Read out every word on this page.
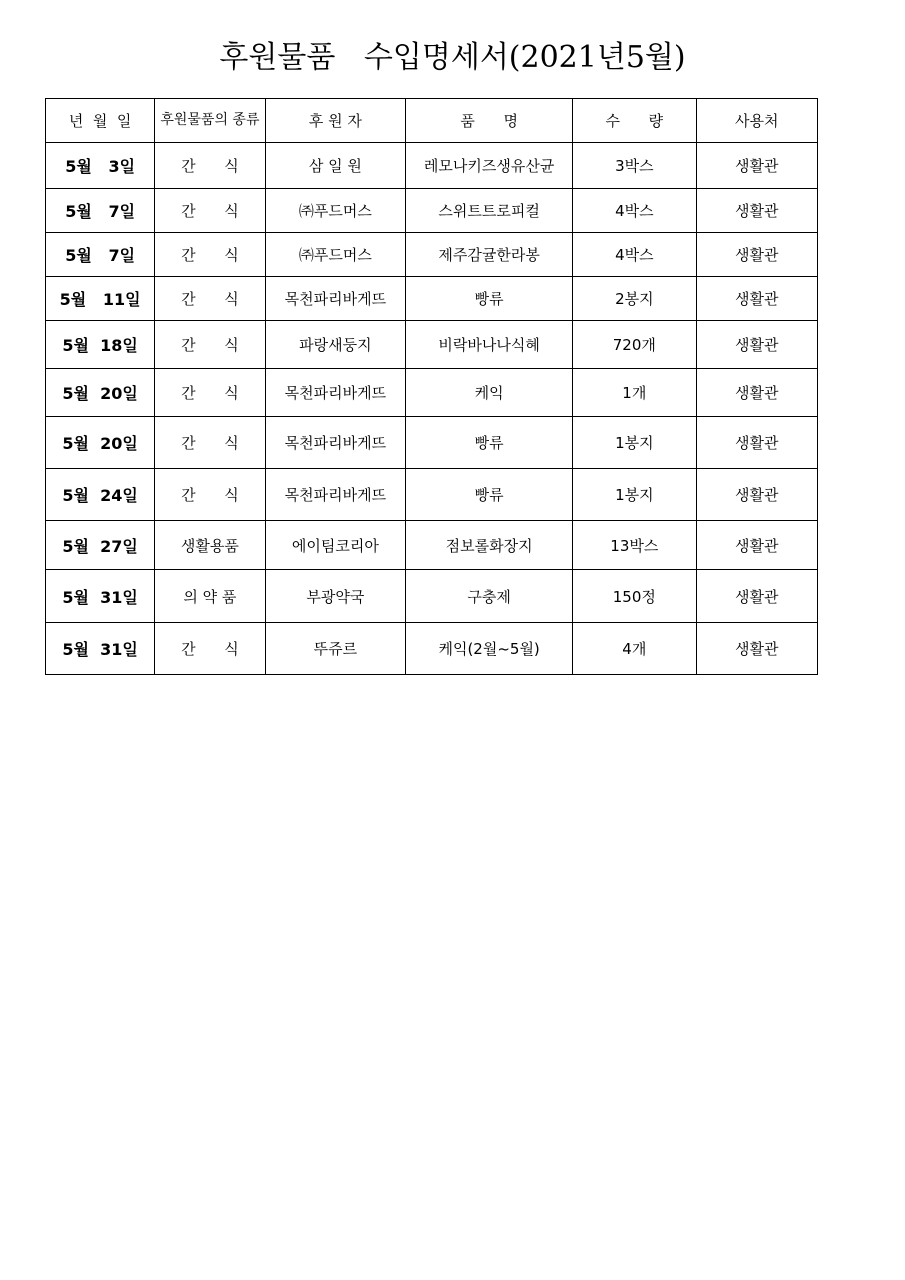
후원물품   수입명세서(2021년5월)
년  월  일	후원물품의 종류	후 원 자	품      명	수      량	사용처
5월   3일	간      식	삼 일 원	레모나키즈생유산균	3박스	생활관
5월   7일	간      식	㈜푸드머스	스위트트로피컬	4박스	생활관
5월   7일	간      식	㈜푸드머스	제주감귤한라봉	4박스	생활관
5월   11일	간      식	목천파리바게뜨	빵류	2봉지	생활관
5월  18일	간      식	파랑새둥지	비락바나나식혜	720개	생활관
5월  20일	간      식	목천파리바게뜨	케익	1개	생활관
5월  20일	간      식	목천파리바게뜨	빵류	1봉지	생활관
5월  24일	간      식	목천파리바게뜨	빵류	1봉지	생활관
5월  27일	생활용품	에이팀코리아	점보롤화장지	13박스	생활관
5월  31일	의 약 품	부광약국	구충제	150정	생활관
5월  31일	간      식	뚜쥬르	케익(2월~5월)	4개	생활관
